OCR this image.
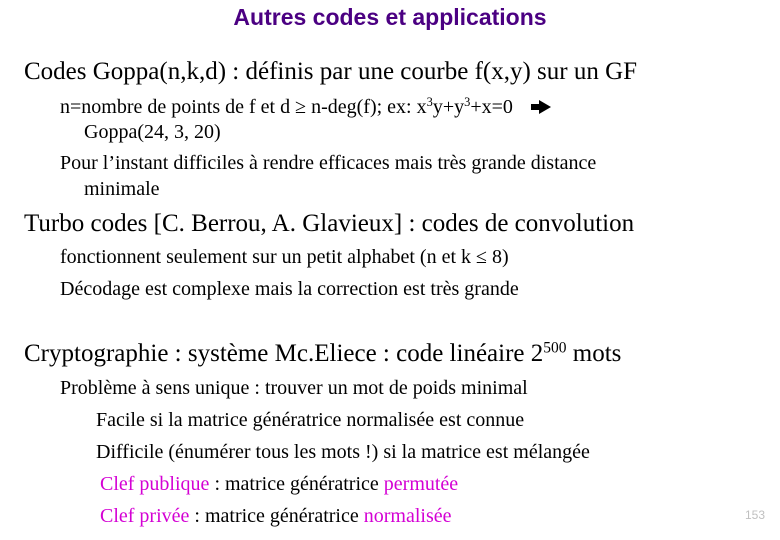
Autres codes et applications
Codes Goppa(n,k,d) : définis par une courbe f(x,y) sur un GF
n=nombre de points de f et d ≥ n-deg(f); ex: $x^3y+y^3+x=0$
Goppa(24, 3, 20)
Pour l’instant difficiles à rendre efficaces mais très grande distance
minimale
Turbo codes [C. Berrou, A. Glavieux] : codes de convolution
fonctionnent seulement sur un petit alphabet (n et k ≤ 8)
Décodage est complexe mais la correction est très grande
Cryptographie : système Mc.Eliece : code linéaire $2^{500}$ mots
Problème à sens unique : trouver un mot de poids minimal
Facile si la matrice génératrice normalisée est connue
Difficile (énumérer tous les mots !) si la matrice est mélangée
Clef publique : matrice génératrice permutée
Clef privée : matrice génératrice normalisée	153
